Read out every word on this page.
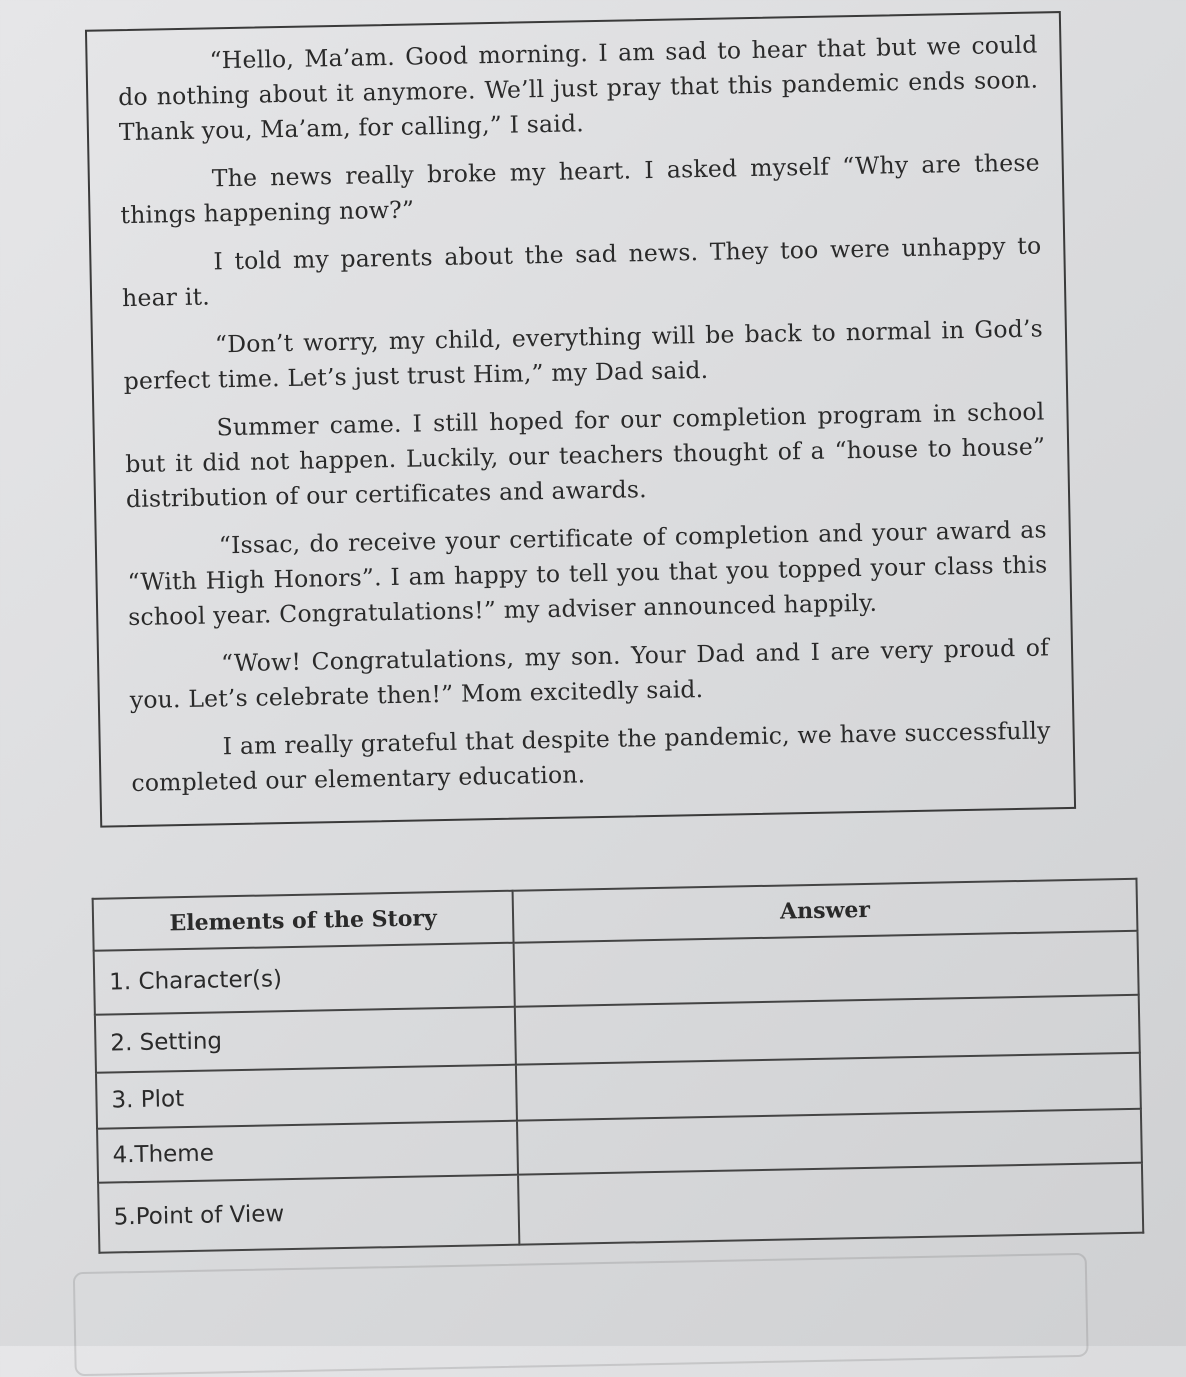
“Hello, Ma’am. Good morning. I am sad to hear that but we could do nothing about it anymore. We’ll just pray that this pandemic ends soon. Thank you, Ma’am, for calling,” I said.

The news really broke my heart. I asked myself “Why are these things happening now?”

I told my parents about the sad news. They too were unhappy to hear it.

“Don’t worry, my child, everything will be back to normal in God’s perfect time. Let’s just trust Him,” my Dad said.

Summer came. I still hoped for our completion program in school but it did not happen. Luckily, our teachers thought of a “house to house” distribution of our certificates and awards.

“Issac, do receive your certificate of completion and your award as “With High Honors”. I am happy to tell you that you topped your class this school year. Congratulations!” my adviser announced happily.

“Wow! Congratulations, my son. Your Dad and I are very proud of you. Let’s celebrate then!” Mom excitedly said.

I am really grateful that despite the pandemic, we have successfully completed our elementary education.

Elements of the Story	Answer
1. Character(s)	
2. Setting	
3. Plot	
4.Theme	
5.Point of View	
